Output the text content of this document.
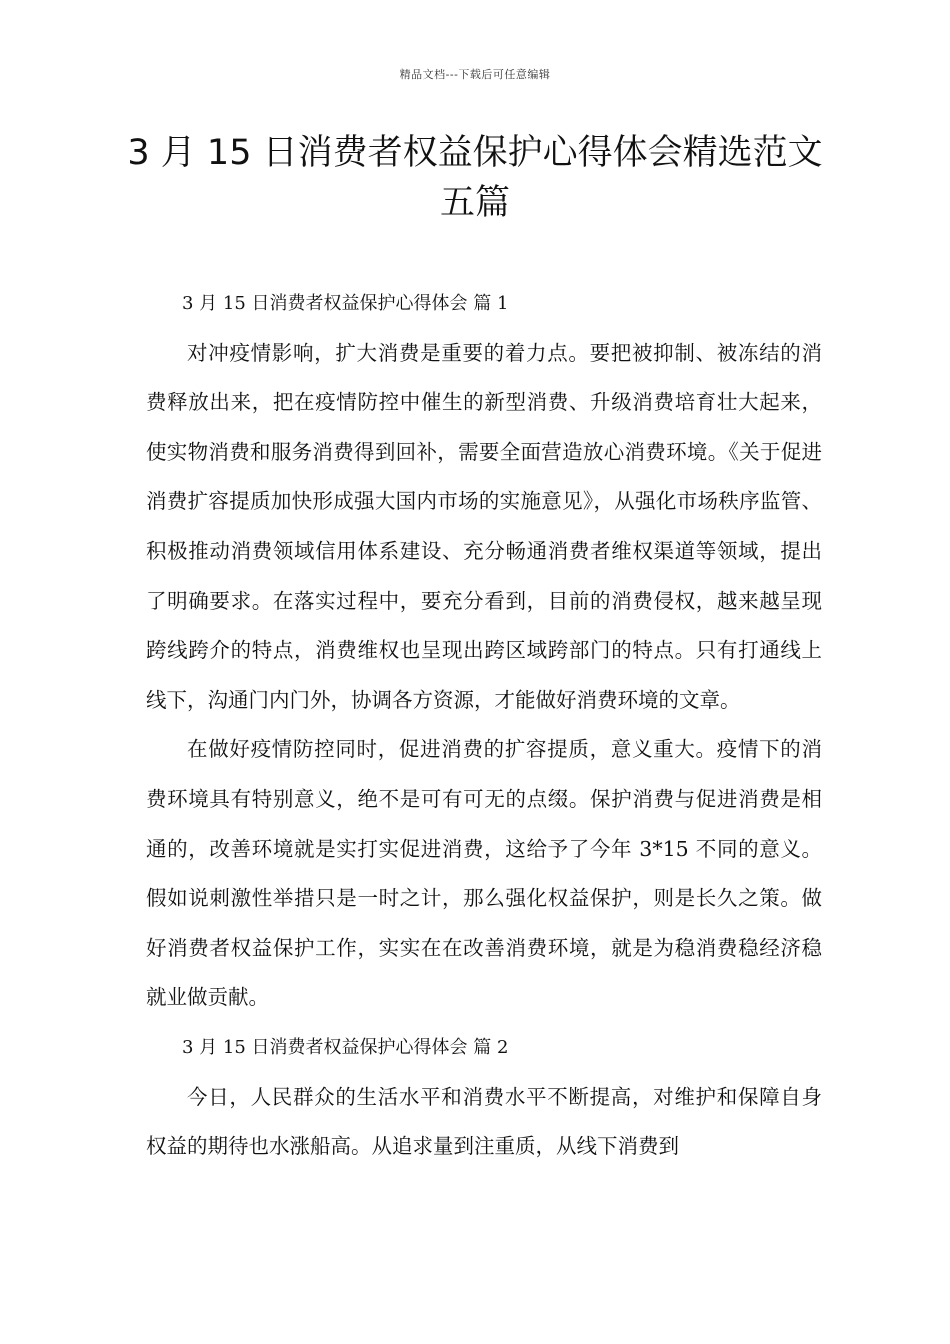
精品文档---下载后可任意编辑
3 月 15 日消费者权益保护心得体会精选范文五篇

3 月 15 日消费者权益保护心得体会 篇 1

对冲疫情影响，扩大消费是重要的着力点。要把被抑制、被冻结的消费释放出来，把在疫情防控中催生的新型消费、升级消费培育壮大起来，使实物消费和服务消费得到回补，需要全面营造放心消费环境。《关于促进消费扩容提质加快形成强大国内市场的实施意见》，从强化市场秩序监管、积极推动消费领域信用体系建设、充分畅通消费者维权渠道等领域，提出了明确要求。在落实过程中，要充分看到，目前的消费侵权，越来越呈现跨线跨介的特点，消费维权也呈现出跨区域跨部门的特点。只有打通线上线下，沟通门内门外，协调各方资源，才能做好消费环境的文章。

在做好疫情防控同时，促进消费的扩容提质，意义重大。疫情下的消费环境具有特别意义，绝不是可有可无的点缀。保护消费与促进消费是相通的，改善环境就是实打实促进消费，这给予了今年 3*15 不同的意义。假如说刺激性举措只是一时之计，那么强化权益保护，则是长久之策。做好消费者权益保护工作，实实在在改善消费环境，就是为稳消费稳经济稳就业做贡献。

3 月 15 日消费者权益保护心得体会 篇 2

今日，人民群众的生活水平和消费水平不断提高，对维护和保障自身权益的期待也水涨船高。从追求量到注重质，从线下消费到
